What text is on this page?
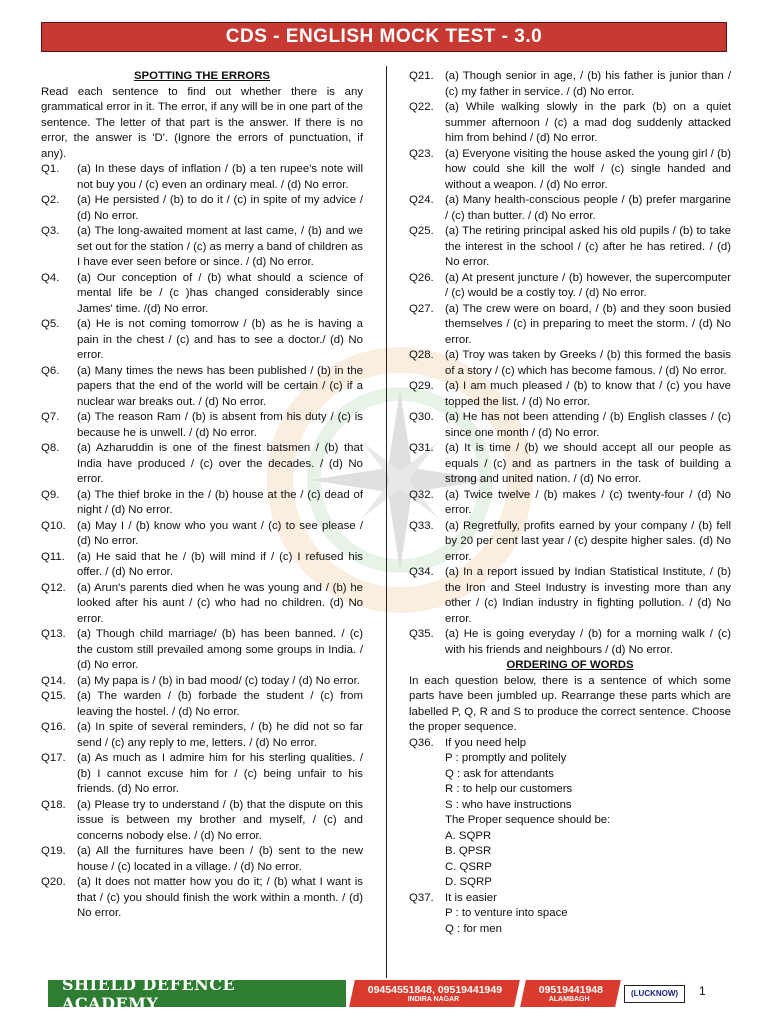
CDS - ENGLISH MOCK TEST - 3.0

SPOTTING THE ERRORS

Read each sentence to find out whether there is any grammatical error in it. The error, if any will be in one part of the sentence. The letter of that part is the answer. If there is no error, the answer is 'D'. (Ignore the errors of punctuation, if any).

Q1.	(a) In these days of inflation / (b) a ten rupee's note will not buy you / (c) even an ordinary meal. / (d) No error.
Q2.	(a) He persisted / (b) to do it / (c) in spite of my advice / (d) No error.
Q3.	(a) The long-awaited moment at last came, / (b) and we set out for the station / (c) as merry a band of children as I have ever seen before or since. / (d) No error.
Q4.	(a) Our conception of / (b) what should a science of mental life be / (c )has changed considerably since James' time. /(d) No error.
Q5.	(a) He is not coming tomorrow / (b) as he is having a pain in the chest / (c) and has to see a doctor./ (d) No error.
Q6.	(a) Many times the news has been published / (b) in the papers that the end of the world will be certain / (c) if a nuclear war breaks out. / (d) No error.
Q7.	(a) The reason Ram / (b) is absent from his duty / (c) is because he is unwell. / (d) No error.
Q8.	(a) Azharuddin is one of the finest batsmen / (b) that India have produced / (c) over the decades. / (d) No error.
Q9.	(a) The thief broke in the / (b) house at the / (c) dead of night / (d) No error.
Q10. (a) May I / (b) know who you want / (c) to see please / (d) No error.
Q11.	(a) He said that he / (b) will mind if / (c) I refused his offer. / (d) No error.
Q12. (a) Arun's parents died when he was young and / (b) he looked after his aunt / (c) who had no children. (d) No error.
Q13. (a) Though child marriage/ (b) has been banned. / (c) the custom still prevailed among some groups in India. / (d) No error.
Q14. (a) My papa is / (b) in bad mood/ (c) today / (d) No error.
Q15. (a) The warden / (b) forbade the student / (c) from leaving the hostel. / (d) No error.
Q16. (a) In spite of several reminders, / (b) he did not so far send / (c) any reply to me, letters. / (d) No error.
Q17. (a) As much as I admire him for his sterling qualities. / (b) I cannot excuse him for / (c) being unfair to his friends. (d) No error.
Q18. (a) Please try to understand / (b) that the dispute on this issue is between my brother and myself, / (c) and concerns nobody else. / (d) No error.
Q19. (a) All the furnitures have been / (b) sent to the new house / (c) located in a village. / (d) No error.
Q20. (a) It does not matter how you do it; / (b) what I want is that / (c) you should finish the work within a month. / (d) No error.
Q21. (a) Though senior in age, / (b) his father is junior than / (c) my father in service. / (d) No error.
Q22. (a) While walking slowly in the park (b) on a quiet summer afternoon / (c) a mad dog suddenly attacked him from behind / (d) No error.
Q23. (a) Everyone visiting the house asked the young girl / (b) how could she kill the wolf / (c) single handed and without a weapon. / (d) No error.
Q24. (a) Many health-conscious people / (b) prefer margarine / (c) than butter. / (d) No error.
Q25. (a) The retiring principal asked his old pupils / (b) to take the interest in the school / (c) after he has retired. / (d) No error.
Q26. (a) At present juncture / (b) however, the supercomputer / (c) would be a costly toy. / (d) No error.
Q27. (a) The crew were on board, / (b) and they soon busied themselves / (c) in preparing to meet the storm. / (d) No error.
Q28. (a) Troy was taken by Greeks / (b) this formed the basis of a story / (c) which has become famous. / (d) No error.
Q29. (a) I am much pleased / (b) to know that / (c) you have topped the list. / (d) No error.
Q30. (a) He has not been attending / (b) English classes / (c) since one month / (d) No error.
Q31. (a) It is time / (b) we should accept all our people as equals / (c) and as partners in the task of building a strong and united nation. / (d) No error.
Q32. (a) Twice twelve / (b) makes / (c) twenty-four / (d) No error.
Q33. (a) Regretfully, profits earned by your company / (b) fell by 20 per cent last year / (c) despite higher sales. (d) No error.
Q34. (a) In a report issued by Indian Statistical Institute, / (b) the Iron and Steel Industry is investing more than any other / (c) Indian industry in fighting pollution. / (d) No error.
Q35. (a) He is going everyday / (b) for a morning walk / (c) with his friends and neighbours / (d) No error.

ORDERING OF WORDS

In each question below, there is a sentence of which some parts have been jumbled up. Rearrange these parts which are labelled P, Q, R and S to produce the correct sentence. Choose the proper sequence.

Q36. If you need help

P : promptly and politely

Q : ask for attendants

R : to help our customers

S : who have instructions

The Proper sequence should be:

A. SQPR

B. QPSR

C. QSRP

D. SQRP

Q37. It is easier

P : to venture into space

Q : for men

SHIELD DEFENCE ACADEMY
09454551848, 09519441949
INDIRA NAGAR
09519441948
ALAMBAGH
(LUCKNOW)	1
